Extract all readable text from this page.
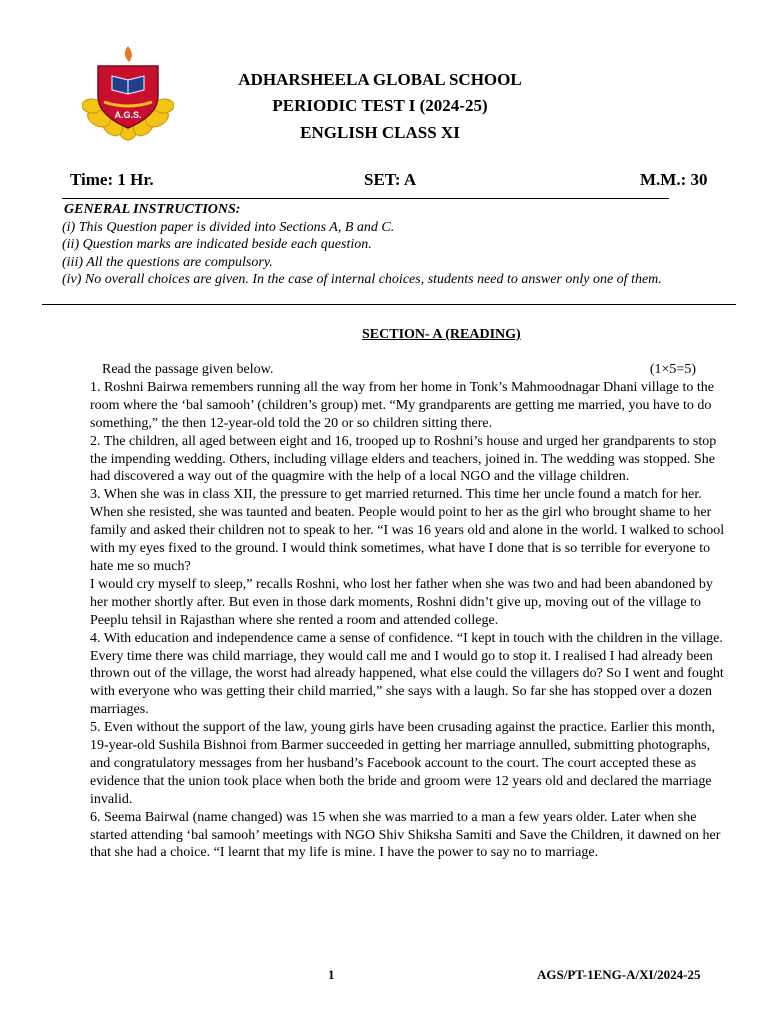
A.G.S.
ADHARSHEELA GLOBAL SCHOOL
PERIODIC TEST I (2024-25)
ENGLISH CLASS XI
Time: 1 Hr.	SET: A	M.M.: 30
GENERAL INSTRUCTIONS:
(i) This Question paper is divided into Sections A, B and C.
(ii) Question marks are indicated beside each question.
(iii) All the questions are compulsory.
(iv) No overall choices are given. In the case of internal choices, students need to answer only one of them.
SECTION- A (READING)
Read the passage given below.	(1×5=5)

1. Roshni Bairwa remembers running all the way from her home in Tonk’s Mahmoodnagar Dhani village to the room where the ‘bal samooh’ (children’s group) met. “My grandparents are getting me married, you have to do something,” the then 12-year-old told the 20 or so children sitting there.

2. The children, all aged between eight and 16, trooped up to Roshni’s house and urged her grandparents to stop the impending wedding. Others, including village elders and teachers, joined in. The wedding was stopped. She had discovered a way out of the quagmire with the help of a local NGO and the village children.

3. When she was in class XII, the pressure to get married returned. This time her uncle found a match for her. When she resisted, she was taunted and beaten. People would point to her as the girl who brought shame to her family and asked their children not to speak to her. “I was 16 years old and alone in the world. I walked to school with my eyes fixed to the ground. I would think sometimes, what have I done that is so terrible for everyone to hate me so much?

I would cry myself to sleep,” recalls Roshni, who lost her father when she was two and had been abandoned by her mother shortly after. But even in those dark moments, Roshni didn’t give up, moving out of the village to Peeplu tehsil in Rajasthan where she rented a room and attended college.

4. With education and independence came a sense of confidence. “I kept in touch with the children in the village. Every time there was child marriage, they would call me and I would go to stop it. I realised I had already been thrown out of the village, the worst had already happened, what else could the villagers do? So I went and fought with everyone who was getting their child married,” she says with a laugh. So far she has stopped over a dozen marriages.

5. Even without the support of the law, young girls have been crusading against the practice. Earlier this month, 19-year-old Sushila Bishnoi from Barmer succeeded in getting her marriage annulled, submitting photographs, and congratulatory messages from her husband’s Facebook account to the court. The court accepted these as evidence that the union took place when both the bride and groom were 12 years old and declared the marriage invalid.

6. Seema Bairwal (name changed) was 15 when she was married to a man a few years older. Later when she started attending ‘bal samooh’ meetings with NGO Shiv Shiksha Samiti and Save the Children, it dawned on her that she had a choice. “I learnt that my life is mine. I have the power to say no to marriage.

1	AGS/PT-1ENG-A/XI/2024-25
